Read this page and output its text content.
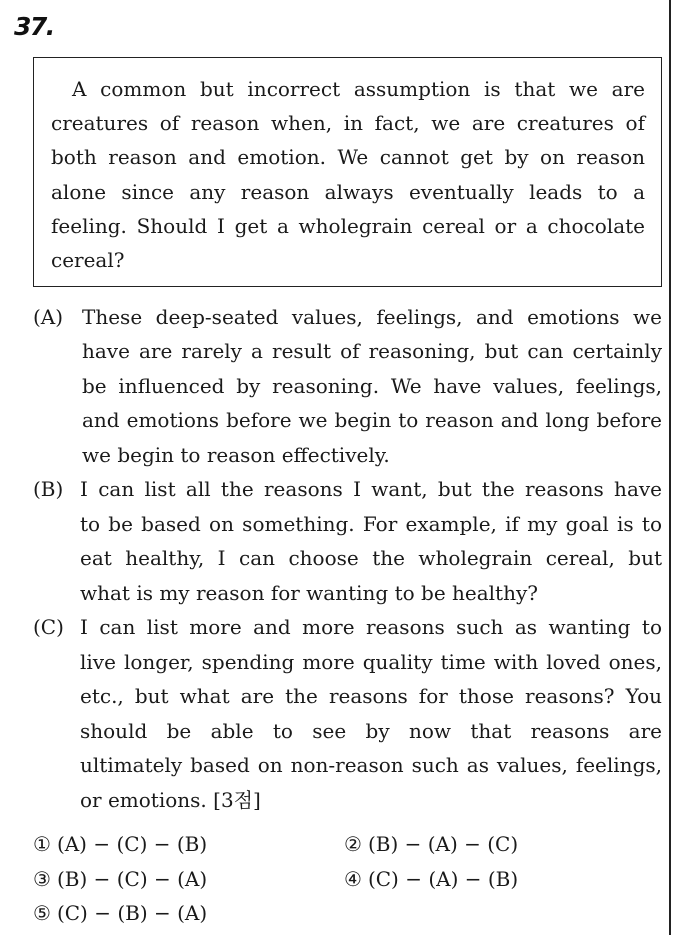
37.
A common but incorrect assumption is that we are
creatures of reason when, in fact, we are creatures of
both reason and emotion. We cannot get by on reason
alone since any reason always eventually leads to a
feeling. Should I get a wholegrain cereal or a chocolate
cereal?
(A) These deep-seated values, feelings, and emotions we
have are rarely a result of reasoning, but can certainly
be influenced by reasoning. We have values, feelings,
and emotions before we begin to reason and long before
we begin to reason effectively.
(B) I can list all the reasons I want, but the reasons have
to be based on something. For example, if my goal is to
eat healthy, I can choose the wholegrain cereal, but
what is my reason for wanting to be healthy?
(C) I can list more and more reasons such as wanting to
live longer, spending more quality time with loved ones,
etc., but what are the reasons for those reasons? You
should be able to see by now that reasons are
ultimately based on non-reason such as values, feelings,
or emotions. [3점]
① (A) − (C) − (B)	② (B) − (A) − (C)
③ (B) − (C) − (A)	④ (C) − (A) − (B)
⑤ (C) − (B) − (A)
